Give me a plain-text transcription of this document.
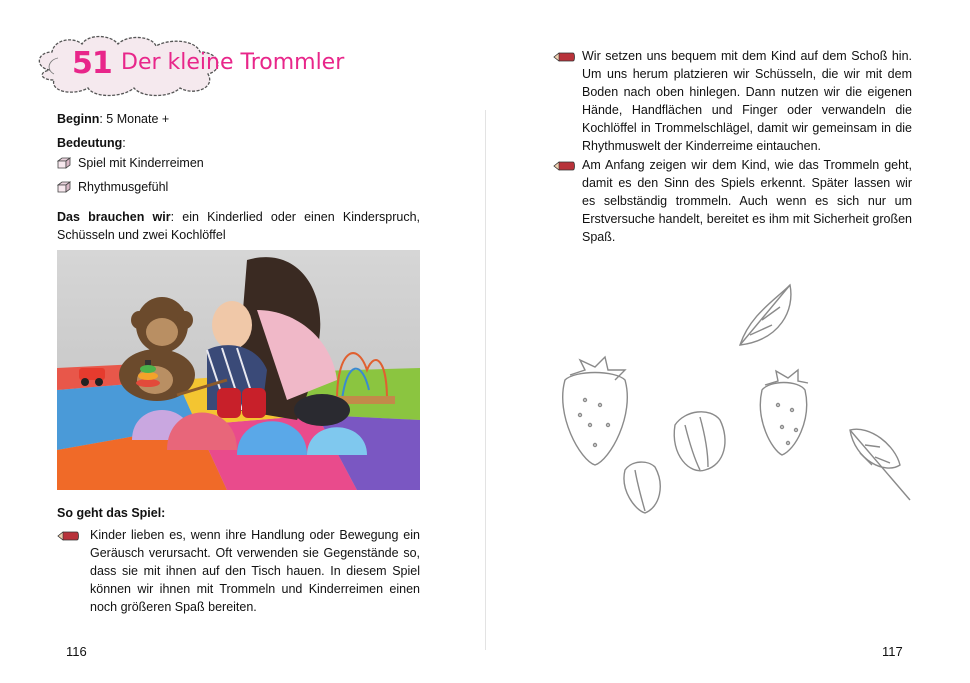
51 Der kleine Trommler
Beginn: 5 Monate +
Bedeutung:
Spiel mit Kinderreimen
Rhythmusgefühl
Das brauchen wir: ein Kinderlied oder einen Kinderspruch,
Schüsseln und zwei Kochlöffel
So geht das Spiel:
Kinder lieben es, wenn ihre Handlung oder Bewegung ein
Geräusch verursacht. Oft verwenden sie Gegenstände so,
dass sie mit ihnen auf den Tisch hauen. In diesem Spiel
können wir ihnen mit Trommeln und Kinderreimen einen
noch größeren Spaß bereiten.
116
Wir setzen uns bequem mit dem Kind auf dem Schoß hin.
Um uns herum platzieren wir Schüsseln, die wir mit dem
Boden nach oben hinlegen. Dann nutzen wir die eigenen
Hände, Handflächen und Finger oder verwandeln die
Kochlöffel in Trommelschlägel, damit wir gemeinsam in die
Rhythmuswelt der Kinderreime eintauchen.
Am Anfang zeigen wir dem Kind, wie das Trommeln geht,
damit es den Sinn des Spiels erkennt. Später lassen wir
es selbständig trommeln. Auch wenn es sich nur um
Erstversuche handelt, bereitet es ihm mit Sicherheit großen
Spaß.
117
